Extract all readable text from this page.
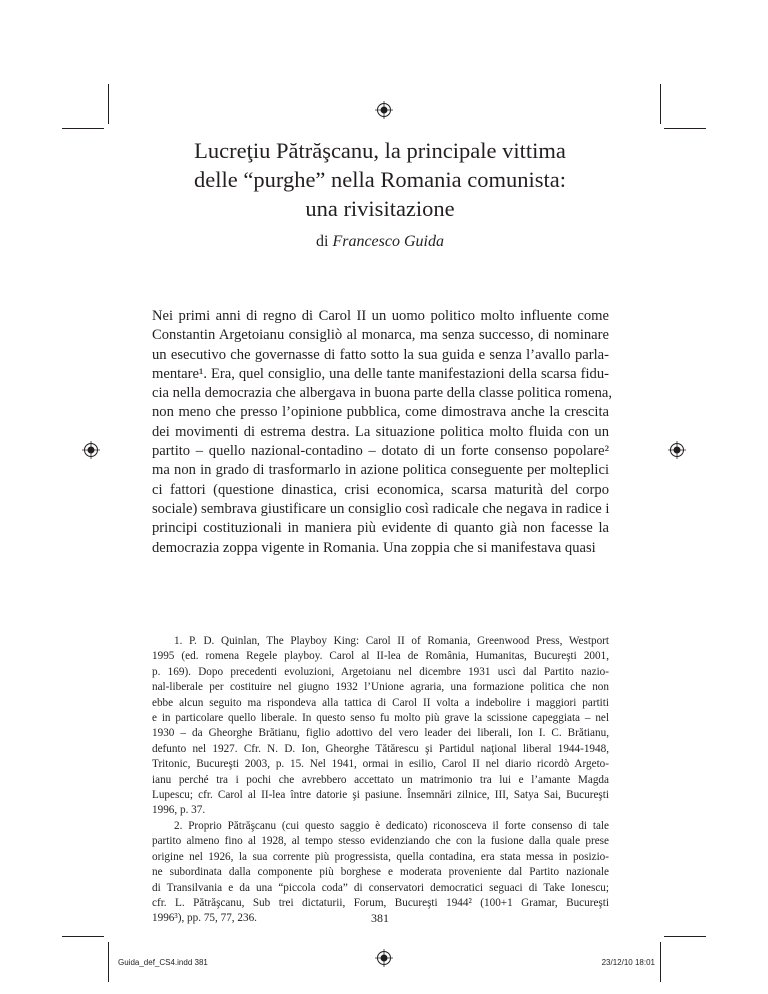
Lucreţiu Pătrăşcanu, la principale vittima
delle “purghe” nella Romania comunista:
una rivisitazione
di Francesco Guida

Nei primi anni di regno di Carol II un uomo politico molto influente come
Constantin Argetoianu consigliò al monarca, ma senza successo, di nominare
un esecutivo che governasse di fatto sotto la sua guida e senza l’avallo parla-
mentare¹. Era, quel consiglio, una delle tante manifestazioni della scarsa fidu-
cia nella democrazia che albergava in buona parte della classe politica romena,
non meno che presso l’opinione pubblica, come dimostrava anche la crescita
dei movimenti di estrema destra. La situazione politica molto fluida con un
partito – quello nazional-contadino – dotato di un forte consenso popolare²
ma non in grado di trasformarlo in azione politica conseguente per molteplici
ci fattori (questione dinastica, crisi economica, scarsa maturità del corpo
sociale) sembrava giustificare un consiglio così radicale che negava in radice i
principi costituzionali in maniera più evidente di quanto già non facesse la
democrazia zoppa vigente in Romania. Una zoppia che si manifestava quasi

1. P. D. Quinlan, The Playboy King: Carol II of Romania, Greenwood Press, Westport
1995 (ed. romena Regele playboy. Carol al II-lea de România, Humanitas, Bucureşti 2001,
p. 169). Dopo precedenti evoluzioni, Argetoianu nel dicembre 1931 uscì dal Partito nazio-
nal-liberale per costituire nel giugno 1932 l’Unione agraria, una formazione politica che non
ebbe alcun seguito ma rispondeva alla tattica di Carol II volta a indebolire i maggiori partiti
e in particolare quello liberale. In questo senso fu molto più grave la scissione capeggiata – nel
1930 – da Gheorghe Brătianu, figlio adottivo del vero leader dei liberali, Ion I. C. Brătianu,
defunto nel 1927. Cfr. N. D. Ion, Gheorghe Tătărescu şi Partidul naţional liberal 1944-1948,
Tritonic, Bucureşti 2003, p. 15. Nel 1941, ormai in esilio, Carol II nel diario ricordò Argeto-
ianu perché tra i pochi che avrebbero accettato un matrimonio tra lui e l’amante Magda
Lupescu; cfr. Carol al II-lea între datorie şi pasiune. Însemnări zilnice, III, Satya Sai, Bucureşti
1996, p. 37.
2. Proprio Pătrăşcanu (cui questo saggio è dedicato) riconosceva il forte consenso di tale
partito almeno fino al 1928, al tempo stesso evidenziando che con la fusione dalla quale prese
origine nel 1926, la sua corrente più progressista, quella contadina, era stata messa in posizio-
ne subordinata dalla componente più borghese e moderata proveniente dal Partito nazionale
di Transilvania e da una “piccola coda” di conservatori democratici seguaci di Take Ionescu;
cfr. L. Pătrăşcanu, Sub trei dictaturii, Forum, Bucureşti 1944² (100+1 Gramar, Bucureşti
1996³), pp. 75, 77, 236.	381
Guida_def_CS4.indd 381	23/12/10 18:01
